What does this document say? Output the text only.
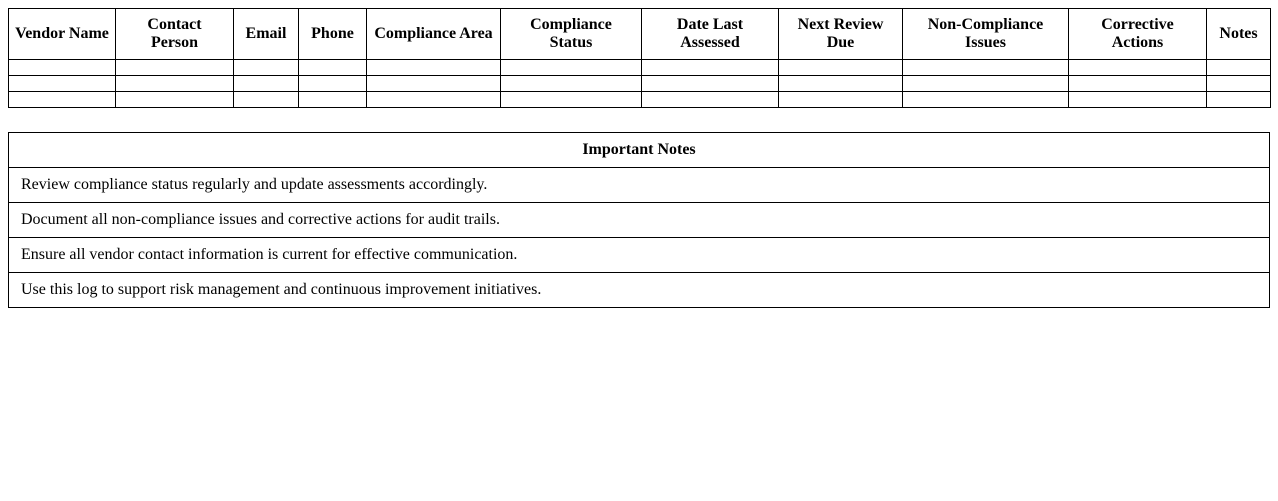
Vendor Name	Contact Person	Email	Phone	Compliance Area	Compliance Status	Date Last Assessed	Next Review Due	Non-Compliance Issues	Corrective Actions	Notes

Important Notes
Review compliance status regularly and update assessments accordingly.
Document all non-compliance issues and corrective actions for audit trails.
Ensure all vendor contact information is current for effective communication.
Use this log to support risk management and continuous improvement initiatives.
